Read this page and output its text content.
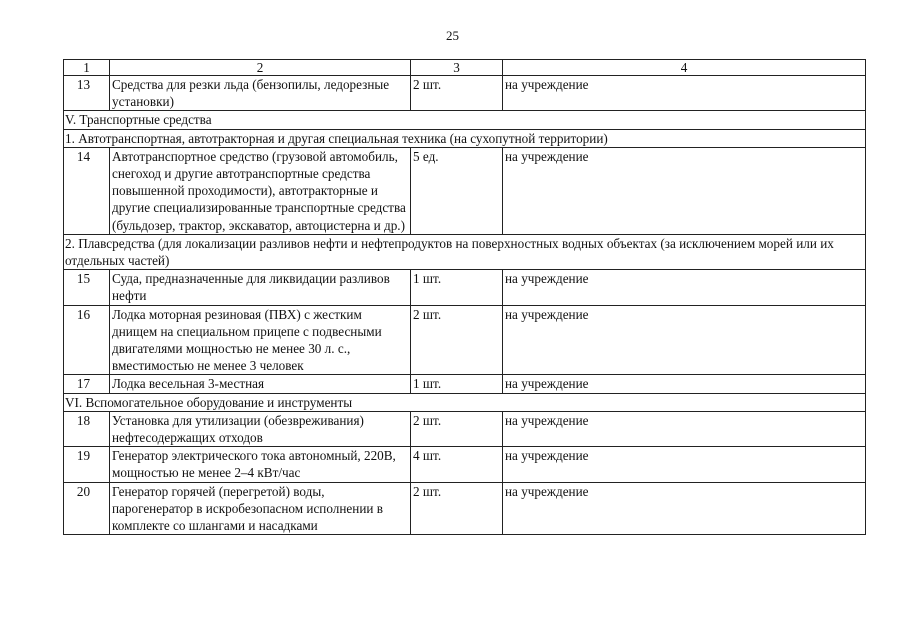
25
1	2	3	4
13	Средства для резки льда (бензопилы, ледорезные установки)	2 шт.	на учреждение
V. Транспортные средства			
1. Автотранспортная, автотракторная и другая специальная техника (на сухопутной территории)			
14	Автотранспортное средство (грузовой автомобиль, снегоход и другие автотранспортные средства повышенной проходимости), автотракторные и другие специализированные транспортные средства (бульдозер, трактор, экскаватор, автоцистерна и др.)	5 ед.	на учреждение
2. Плавсредства (для локализации разливов нефти и нефтепродуктов на поверхностных водных объектах (за исключением морей или их отдельных частей)			
15	Суда, предназначенные для ликвидации разливов нефти	1 шт.	на учреждение
16	Лодка моторная резиновая (ПВХ) с жестким днищем на специальном прицепе с подвесными двигателями мощностью не менее 30 л. с., вместимостью не менее 3 человек	2 шт.	на учреждение
17	Лодка весельная 3-местная	1 шт.	на учреждение
VI. Вспомогательное оборудование и инструменты			
18	Установка для утилизации (обезвреживания) нефтесодержащих отходов	2 шт.	на учреждение
19	Генератор электрического тока автономный, 220В, мощностью не менее 2–4 кВт/час	4 шт.	на учреждение
20	Генератор горячей (перегретой) воды, парогенератор в искробезопасном исполнении в комплекте со шлангами и насадками	2 шт.	на учреждение
